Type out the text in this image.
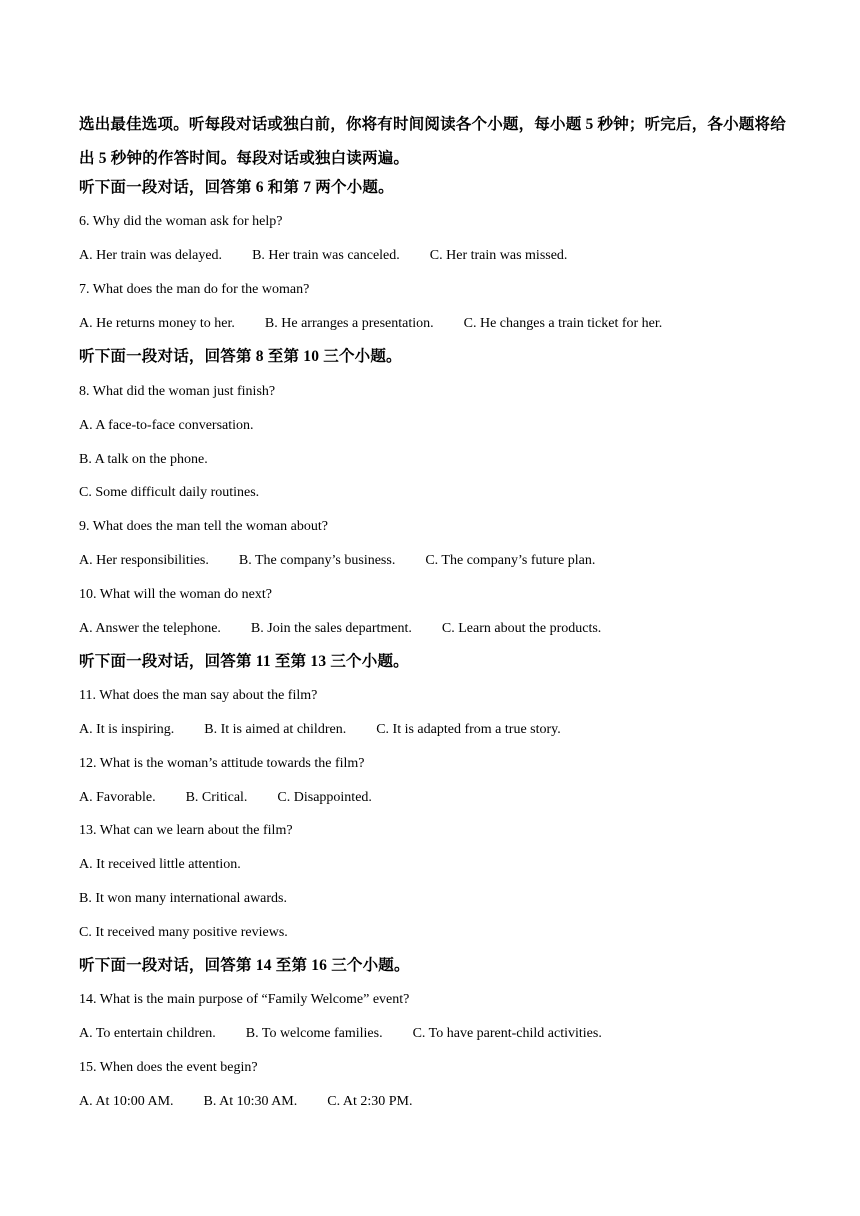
选出最佳选项。听每段对话或独白前，你将有时间阅读各个小题，每小题 5 秒钟；听完后，各小题将给出 5 秒钟的作答时间。每段对话或独白读两遍。
听下面一段对话，回答第 6 和第 7 两个小题。
6. Why did the woman ask for help?
A. Her train was delayed. B. Her train was canceled. C. Her train was missed.
7. What does the man do for the woman?
A. He returns money to her. B. He arranges a presentation. C. He changes a train ticket for her.
听下面一段对话，回答第 8 至第 10 三个小题。
8. What did the woman just finish?
A. A face-to-face conversation.
B. A talk on the phone.
C. Some difficult daily routines.
9. What does the man tell the woman about?
A. Her responsibilities. B. The company’s business. C. The company’s future plan.
10. What will the woman do next?
A. Answer the telephone. B. Join the sales department. C. Learn about the products.
听下面一段对话，回答第 11 至第 13 三个小题。
11. What does the man say about the film?
A. It is inspiring. B. It is aimed at children. C. It is adapted from a true story.
12. What is the woman’s attitude towards the film?
A. Favorable. B. Critical. C. Disappointed.
13. What can we learn about the film?
A. It received little attention.
B. It won many international awards.
C. It received many positive reviews.
听下面一段对话，回答第 14 至第 16 三个小题。
14. What is the main purpose of “Family Welcome” event?
A. To entertain children. B. To welcome families. C. To have parent-child activities.
15. When does the event begin?
A. At 10:00 AM. B. At 10:30 AM. C. At 2:30 PM.
